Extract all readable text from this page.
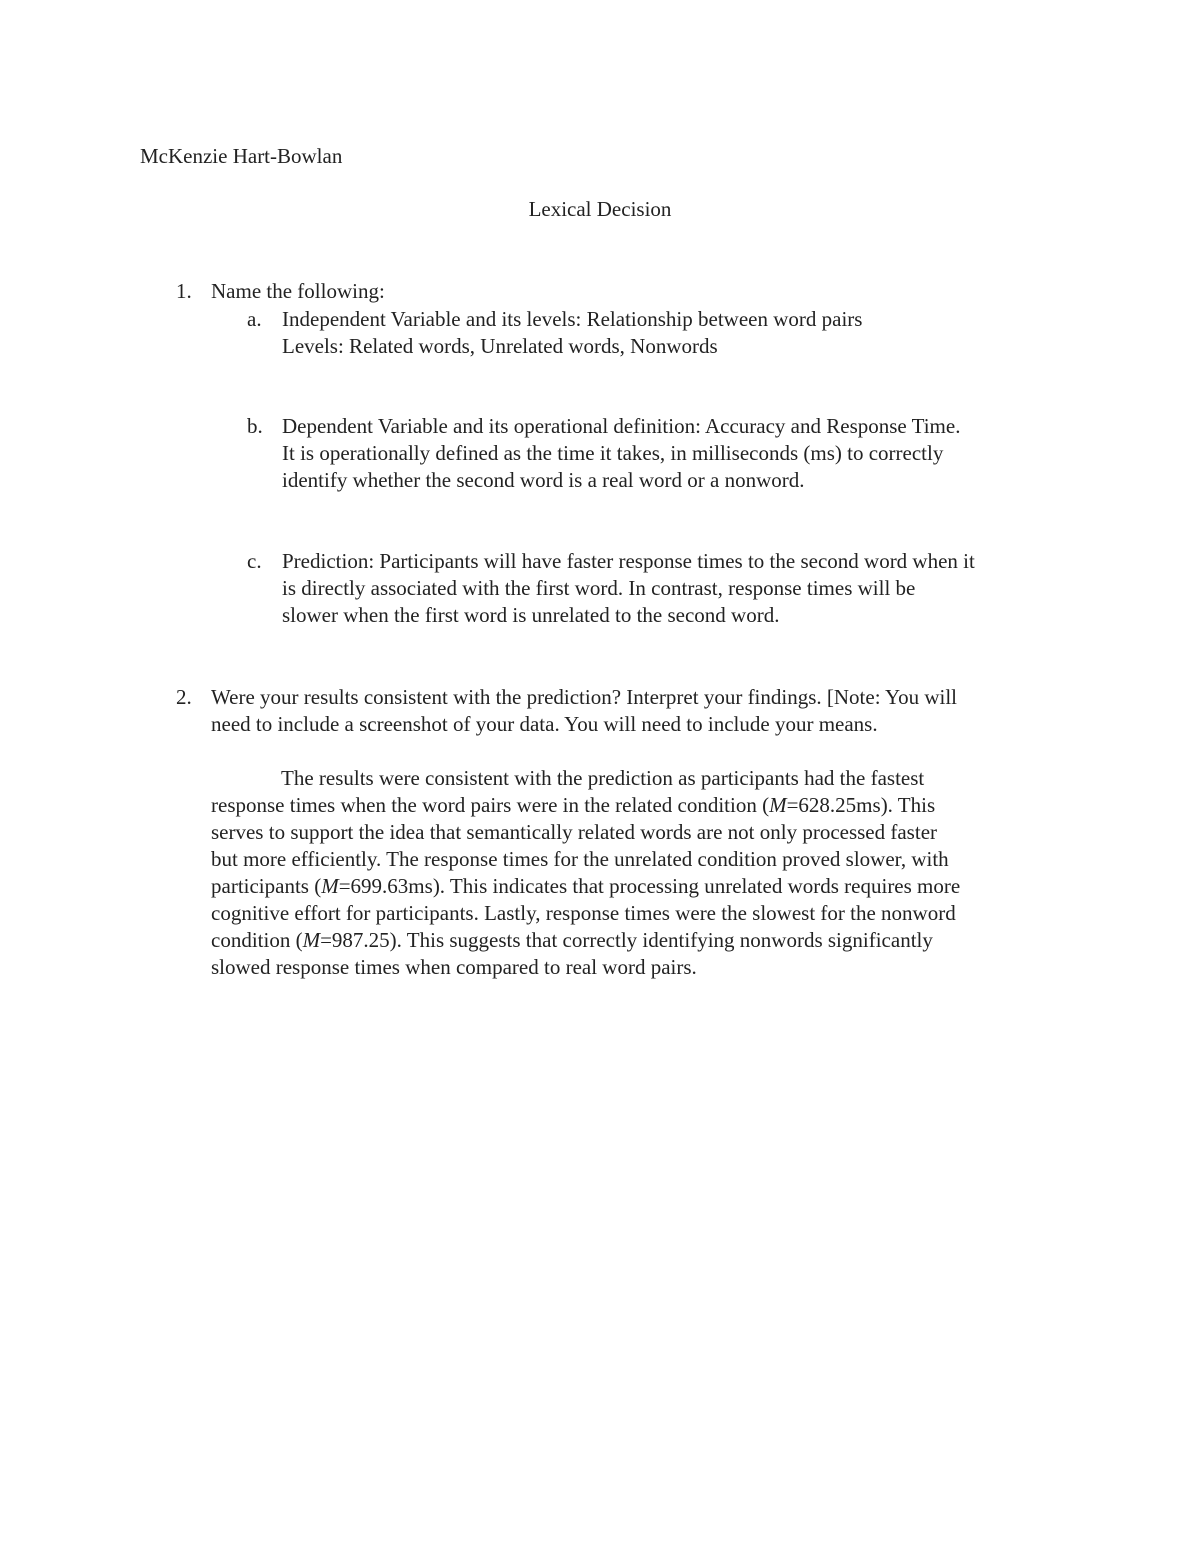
McKenzie Hart-Bowlan
Lexical Decision
1. Name the following:
a. Independent Variable and its levels: Relationship between word pairs
Levels: Related words, Unrelated words, Nonwords
b. Dependent Variable and its operational definition: Accuracy and Response Time.
It is operationally defined as the time it takes, in milliseconds (ms) to correctly
identify whether the second word is a real word or a nonword.
c. Prediction: Participants will have faster response times to the second word when it
is directly associated with the first word. In contrast, response times will be
slower when the first word is unrelated to the second word.
2. Were your results consistent with the prediction? Interpret your findings. [Note: You will
need to include a screenshot of your data. You will need to include your means.
The results were consistent with the prediction as participants had the fastest
response times when the word pairs were in the related condition (M=628.25ms). This
serves to support the idea that semantically related words are not only processed faster
but more efficiently. The response times for the unrelated condition proved slower, with
participants (M=699.63ms). This indicates that processing unrelated words requires more
cognitive effort for participants. Lastly, response times were the slowest for the nonword
condition (M=987.25). This suggests that correctly identifying nonwords significantly
slowed response times when compared to real word pairs.
